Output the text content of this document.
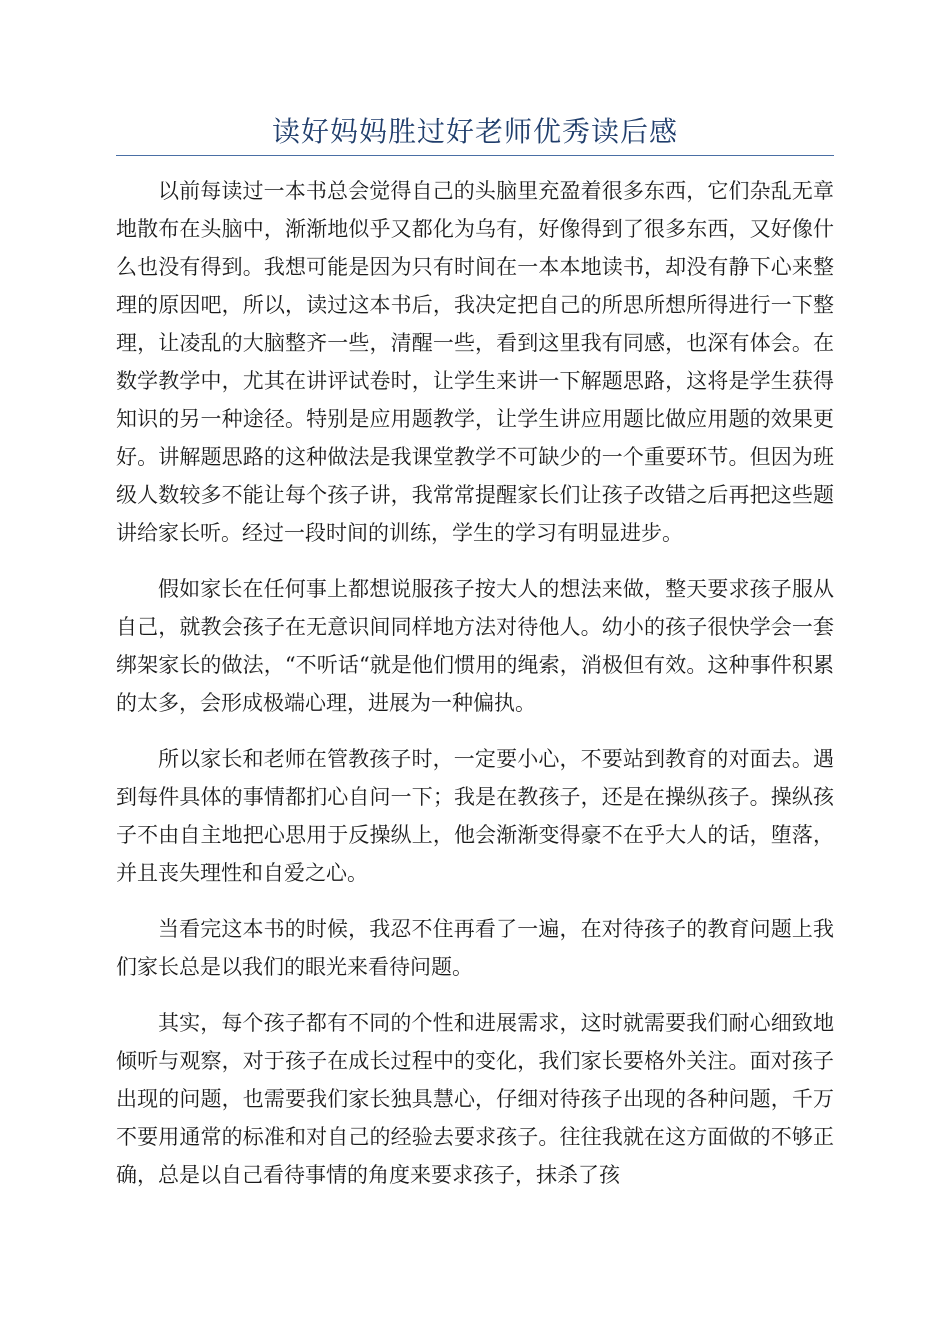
读好妈妈胜过好老师优秀读后感

以前每读过一本书总会觉得自己的头脑里充盈着很多东西，它们杂乱无章地散布在头脑中，渐渐地似乎又都化为乌有，好像得到了很多东西，又好像什么也没有得到。我想可能是因为只有时间在一本本地读书，却没有静下心来整理的原因吧，所以，读过这本书后，我决定把自己的所思所想所得进行一下整理，让凌乱的大脑整齐一些，清醒一些，看到这里我有同感，也深有体会。在数学教学中，尤其在讲评试卷时，让学生来讲一下解题思路，这将是学生获得知识的另一种途径。特别是应用题教学，让学生讲应用题比做应用题的效果更好。讲解题思路的这种做法是我课堂教学不可缺少的一个重要环节。但因为班级人数较多不能让每个孩子讲，我常常提醒家长们让孩子改错之后再把这些题讲给家长听。经过一段时间的训练，学生的学习有明显进步。

假如家长在任何事上都想说服孩子按大人的想法来做，整天要求孩子服从自己，就教会孩子在无意识间同样地方法对待他人。幼小的孩子很快学会一套绑架家长的做法，“不听话“就是他们惯用的绳索，消极但有效。这种事件积累的太多，会形成极端心理，进展为一种偏执。

所以家长和老师在管教孩子时，一定要小心，不要站到教育的对面去。遇到每件具体的事情都扪心自问一下；我是在教孩子，还是在操纵孩子。操纵孩子不由自主地把心思用于反操纵上，他会渐渐变得豪不在乎大人的话，堕落，并且丧失理性和自爱之心。

当看完这本书的时候，我忍不住再看了一遍，在对待孩子的教育问题上我们家长总是以我们的眼光来看待问题。

其实，每个孩子都有不同的个性和进展需求，这时就需要我们耐心细致地倾听与观察，对于孩子在成长过程中的变化，我们家长要格外关注。面对孩子出现的问题，也需要我们家长独具慧心，仔细对待孩子出现的各种问题，千万不要用通常的标准和对自己的经验去要求孩子。往往我就在这方面做的不够正确，总是以自己看待事情的角度来要求孩子，抹杀了孩
